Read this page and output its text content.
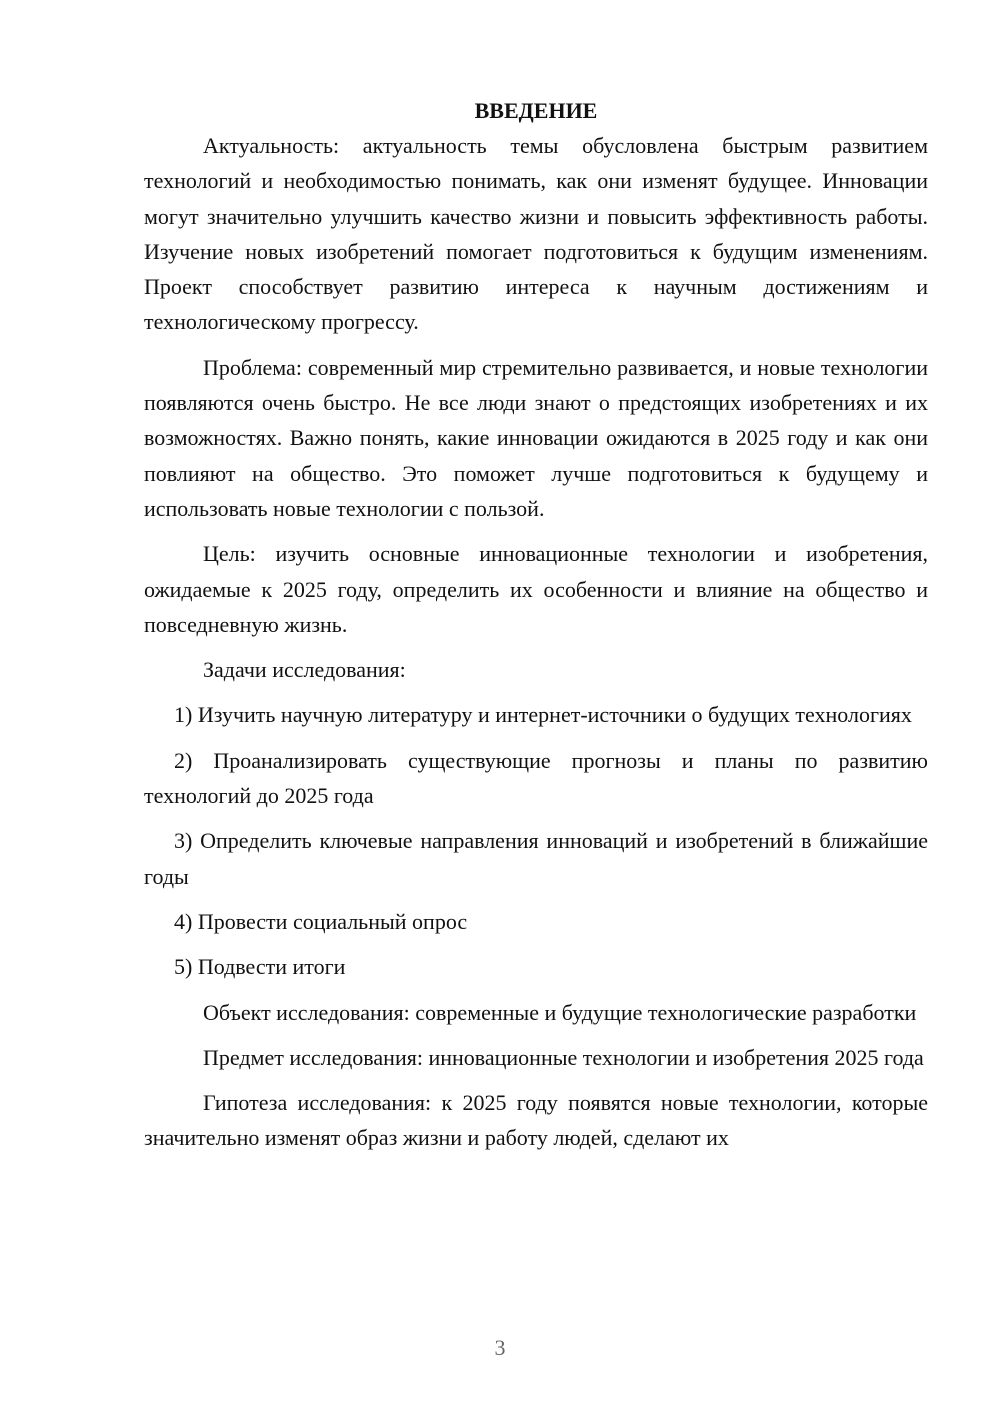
ВВЕДЕНИЕ

Актуальность: актуальность темы обусловлена быстрым развитием технологий и необходимостью понимать, как они изменят будущее. Инновации могут значительно улучшить качество жизни и повысить эффективность работы. Изучение новых изобретений помогает подготовиться к будущим изменениям. Проект способствует развитию интереса к научным достижениям и технологическому прогрессу.

Проблема: современный мир стремительно развивается, и новые технологии появляются очень быстро. Не все люди знают о предстоящих изобретениях и их возможностях. Важно понять, какие инновации ожидаются в 2025 году и как они повлияют на общество. Это поможет лучше подготовиться к будущему и использовать новые технологии с пользой.

Цель: изучить основные инновационные технологии и изобретения, ожидаемые к 2025 году, определить их особенности и влияние на общество и повседневную жизнь.

Задачи исследования:

1) Изучить научную литературу и интернет-источники о будущих технологиях

2) Проанализировать существующие прогнозы и планы по развитию технологий до 2025 года

3) Определить ключевые направления инноваций и изобретений в ближайшие годы

4) Провести социальный опрос

5) Подвести итоги

Объект исследования: современные и будущие технологические разработки

Предмет исследования: инновационные технологии и изобретения 2025 года

Гипотеза исследования: к 2025 году появятся новые технологии, которые значительно изменят образ жизни и работу людей, сделают их

3
